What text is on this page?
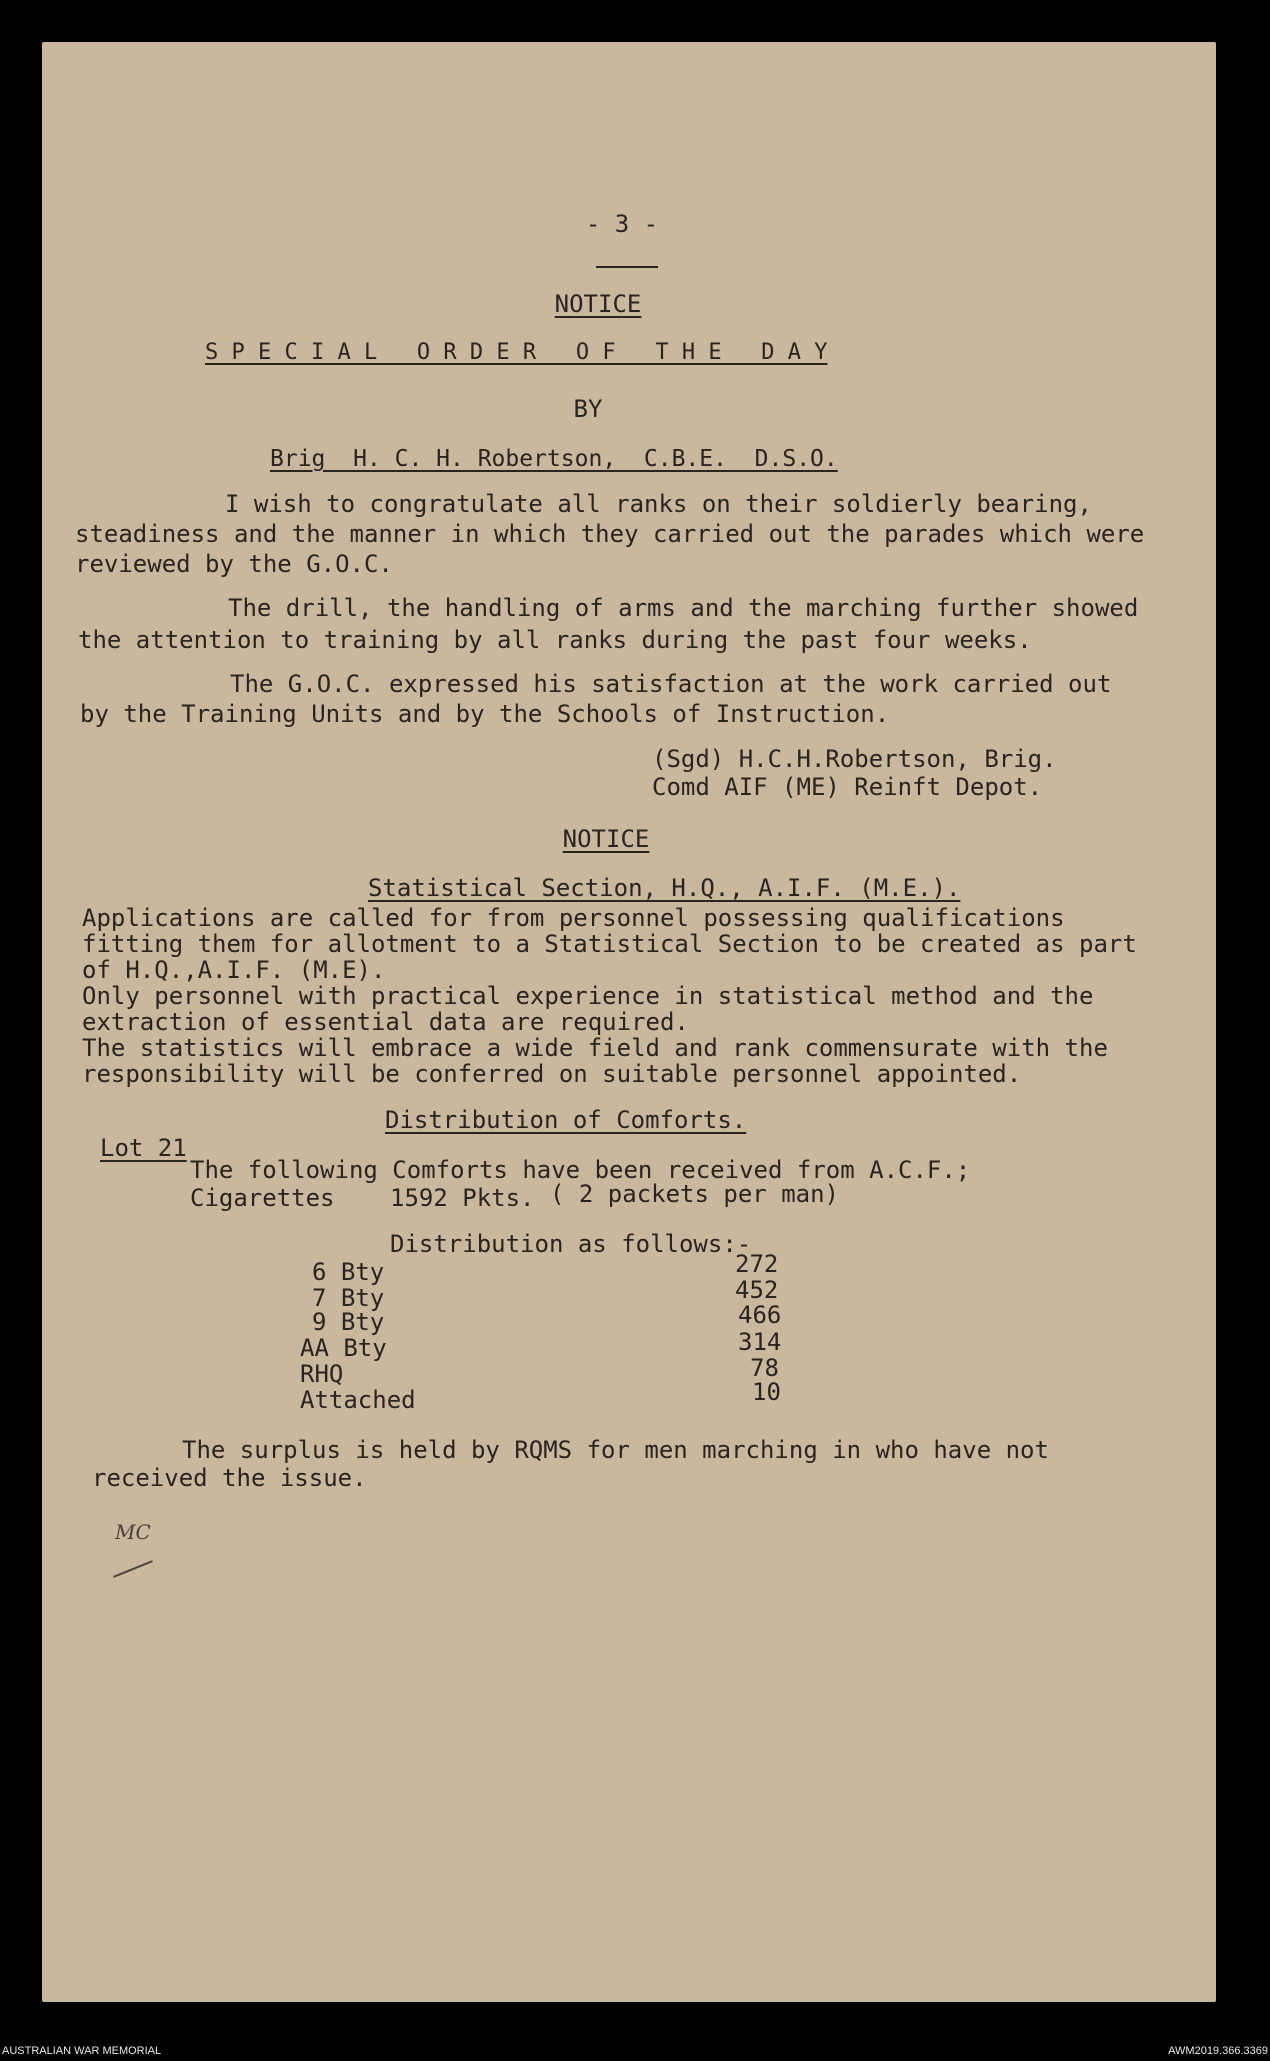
- 3 -
NOTICE
S P E C I A L   O R D E R   O F   T H E   D A Y
BY
Brig  H. C. H. Robertson,  C.B.E.  D.S.O.
I wish to congratulate all ranks on their soldierly bearing,
steadiness and the manner in which they carried out the parades which were
reviewed by the G.O.C.
The drill, the handling of arms and the marching further showed
the attention to training by all ranks during the past four weeks.
The G.O.C. expressed his satisfaction at the work carried out
by the Training Units and by the Schools of Instruction.
(Sgd) H.C.H.Robertson, Brig.
Comd AIF (ME) Reinft Depot.
NOTICE
Statistical Section, H.Q., A.I.F. (M.E.).
Applications are called for from personnel possessing qualifications
fitting them for allotment to a Statistical Section to be created as part
of H.Q.,A.I.F. (M.E).
Only personnel with practical experience in statistical method and the
extraction of essential data are required.
The statistics will embrace a wide field and rank commensurate with the
responsibility will be conferred on suitable personnel appointed.
Distribution of Comforts.
Lot 21
The following Comforts have been received from A.C.F.;
Cigarettes 1592 Pkts. ( 2 packets per man)
Distribution as follows:-
6 Bty	272
7 Bty	452
9 Bty	466
AA Bty	314
RHQ	78
Attached	10
The surplus is held by RQMS for men marching in who have not
received the issue.
MC
AUSTRALIAN WAR MEMORIAL	AWM2019.366.3369
